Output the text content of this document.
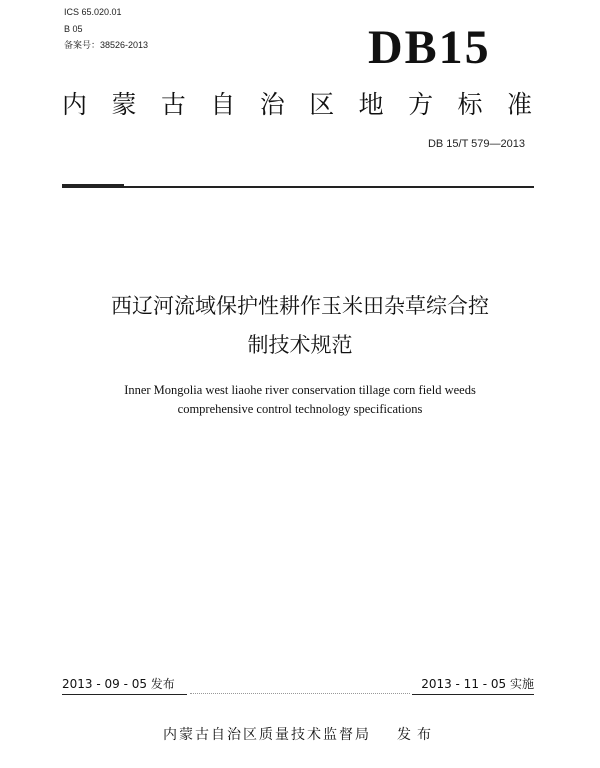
ICS 65.020.01
B 05
备案号：38526-2013	DB15
内 蒙 古 自 治 区 地 方 标 准
DB 15/T 579—2013
西辽河流域保护性耕作玉米田杂草综合控
制技术规范
Inner Mongolia west liaohe river conservation tillage corn field weeds
comprehensive control technology specifications
2013 - 09 - 05 发布	2013 - 11 - 05 实施
内蒙古自治区质量技术监督局 发布
